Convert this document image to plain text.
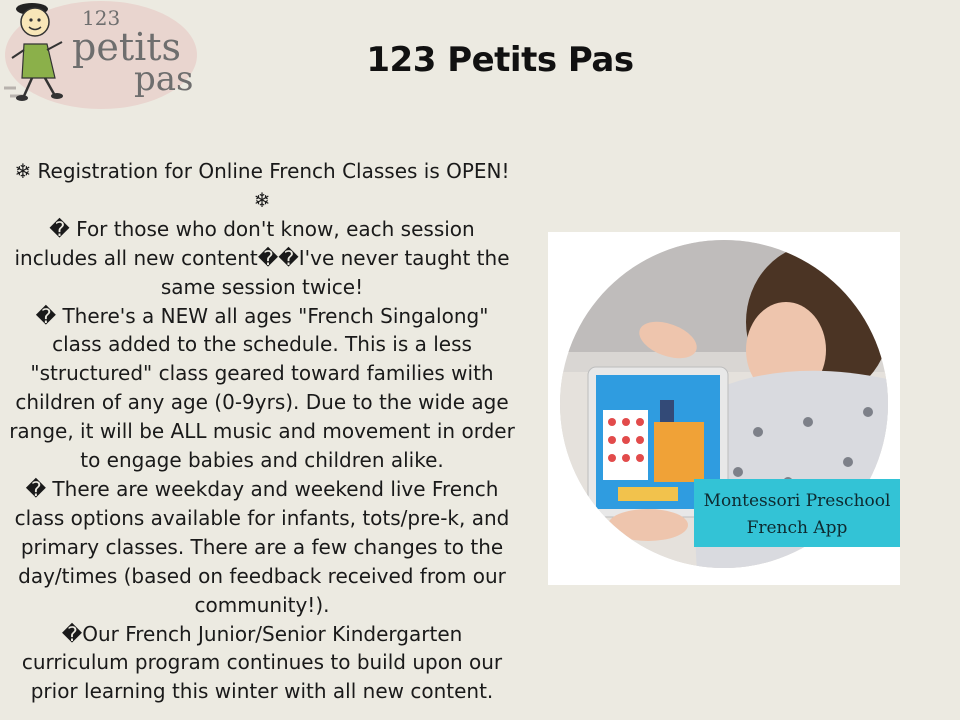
123
petits
pas	123 Petits Pas

❄ Registration for Online French Classes is OPEN! ❄

� For those who don't know, each session includes all new content��I've never taught the same session twice!

� There's a NEW all ages "French Singalong" class added to the schedule. This is a less "structured" class geared toward families with children of any age (0-9yrs). Due to the wide age range, it will be ALL music and movement in order to engage babies and children alike.

� There are weekday and weekend live French class options available for infants, tots/pre-k, and primary classes. There are a few changes to the day/times (based on feedback received from our community!).

�Our French Junior/Senior Kindergarten curriculum program continues to build upon our prior learning this winter with all new content.

Montessori Preschool
French App
